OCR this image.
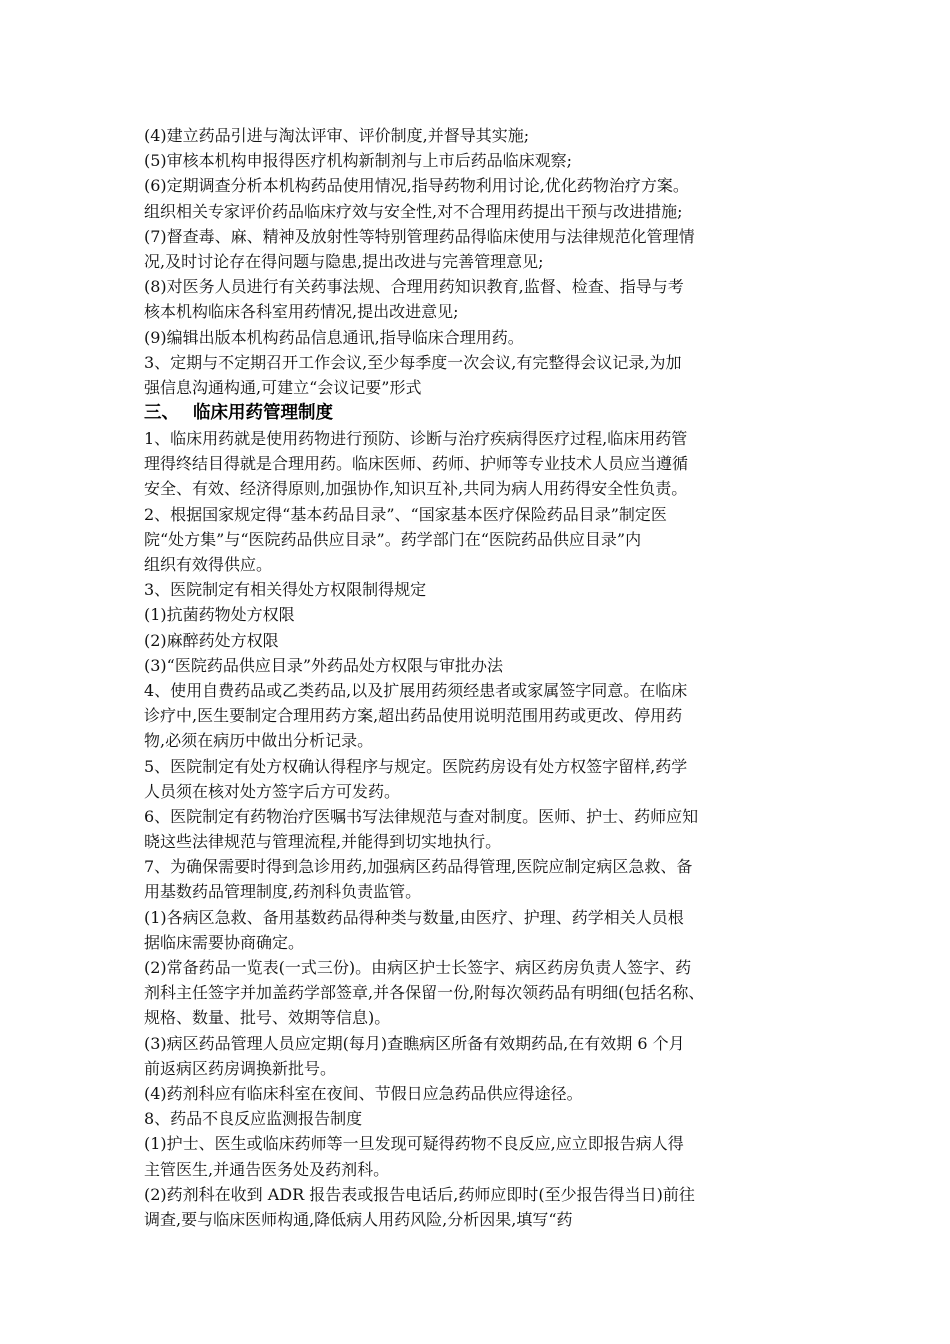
(4)建立药品引进与淘汰评审、评价制度,并督导其实施;
(5)审核本机构申报得医疗机构新制剂与上市后药品临床观察;
(6)定期调查分析本机构药品使用情况,指导药物利用讨论,优化药物治疗方案。
组织相关专家评价药品临床疗效与安全性,对不合理用药提出干预与改进措施;
(7)督查毒、麻、精神及放射性等特别管理药品得临床使用与法律规范化管理情
况,及时讨论存在得问题与隐患,提出改进与完善管理意见;
(8)对医务人员进行有关药事法规、合理用药知识教育,监督、检查、指导与考
核本机构临床各科室用药情况,提出改进意见;
(9)编辑出版本机构药品信息通讯,指导临床合理用药。
3、定期与不定期召开工作会议,至少每季度一次会议,有完整得会议记录,为加
强信息沟通构通,可建立“会议记要”形式
三、 临床用药管理制度
1、临床用药就是使用药物进行预防、诊断与治疗疾病得医疗过程,临床用药管
理得终结目得就是合理用药。临床医师、药师、护师等专业技术人员应当遵循
安全、有效、经济得原则,加强协作,知识互补,共同为病人用药得安全性负责。
2、根据国家规定得“基本药品目录”、“国家基本医疗保险药品目录”制定医
院“处方集”与“医院药品供应目录”。药学部门在“医院药品供应目录”内
组织有效得供应。
3、医院制定有相关得处方权限制得规定
(1)抗菌药物处方权限
(2)麻醉药处方权限
(3)“医院药品供应目录”外药品处方权限与审批办法
4、使用自费药品或乙类药品,以及扩展用药须经患者或家属签字同意。在临床
诊疗中,医生要制定合理用药方案,超出药品使用说明范围用药或更改、停用药
物,必须在病历中做出分析记录。
5、医院制定有处方权确认得程序与规定。医院药房设有处方权签字留样,药学
人员须在核对处方签字后方可发药。
6、医院制定有药物治疗医嘱书写法律规范与查对制度。医师、护士、药师应知
晓这些法律规范与管理流程,并能得到切实地执行。
7、为确保需要时得到急诊用药,加强病区药品得管理,医院应制定病区急救、备
用基数药品管理制度,药剂科负责监管。
(1)各病区急救、备用基数药品得种类与数量,由医疗、护理、药学相关人员根
据临床需要协商确定。
(2)常备药品一览表(一式三份)。由病区护士长签字、病区药房负责人签字、药
剂科主任签字并加盖药学部签章,并各保留一份,附每次领药品有明细(包括名称、
规格、数量、批号、效期等信息)。
(3)病区药品管理人员应定期(每月)查瞧病区所备有效期药品,在有效期 6 个月
前返病区药房调换新批号。
(4)药剂科应有临床科室在夜间、节假日应急药品供应得途径。
8、药品不良反应监测报告制度
(1)护士、医生或临床药师等一旦发现可疑得药物不良反应,应立即报告病人得
主管医生,并通告医务处及药剂科。
(2)药剂科在收到 ADR 报告表或报告电话后,药师应即时(至少报告得当日)前往
调查,要与临床医师构通,降低病人用药风险,分析因果,填写“药
